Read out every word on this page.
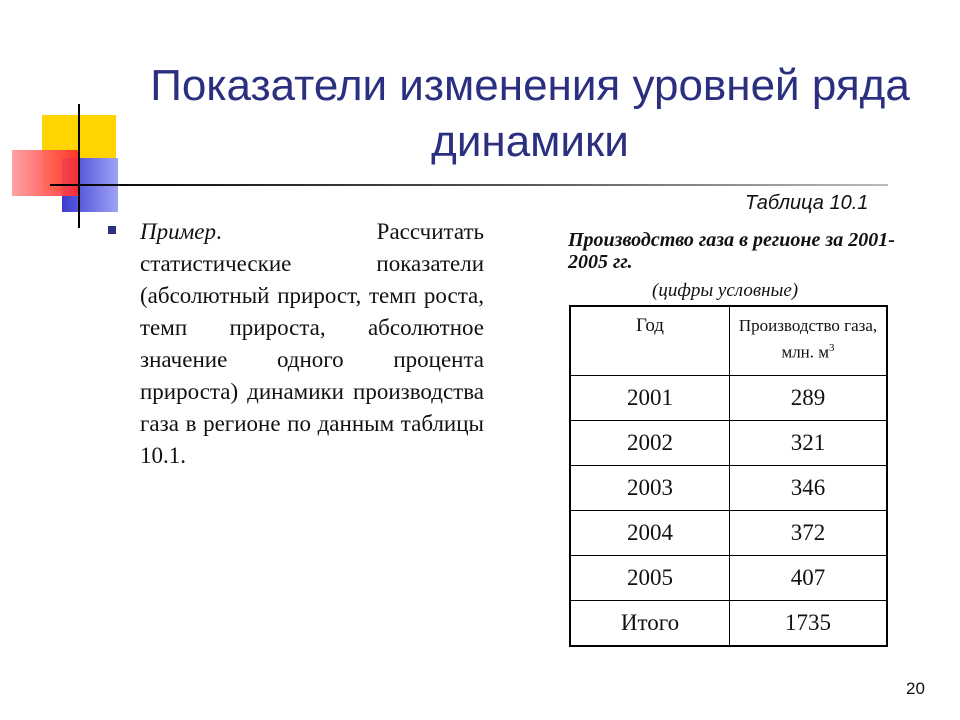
Показатели изменения уровней ряда динамики
Пример. Рассчитать статистические показатели (абсолютный прирост, темп роста, темп прироста, абсолютное значение одного процента прироста) динамики производства газа в регионе по данным таблицы 10.1.
Таблица 10.1
Производство газа в регионе за 2001-2005 гг.
(цифры условные)
Год	Производство газа, млн. $м^3$
2001	289
2002	321
2003	346
2004	372
2005	407
Итого	1735
20
